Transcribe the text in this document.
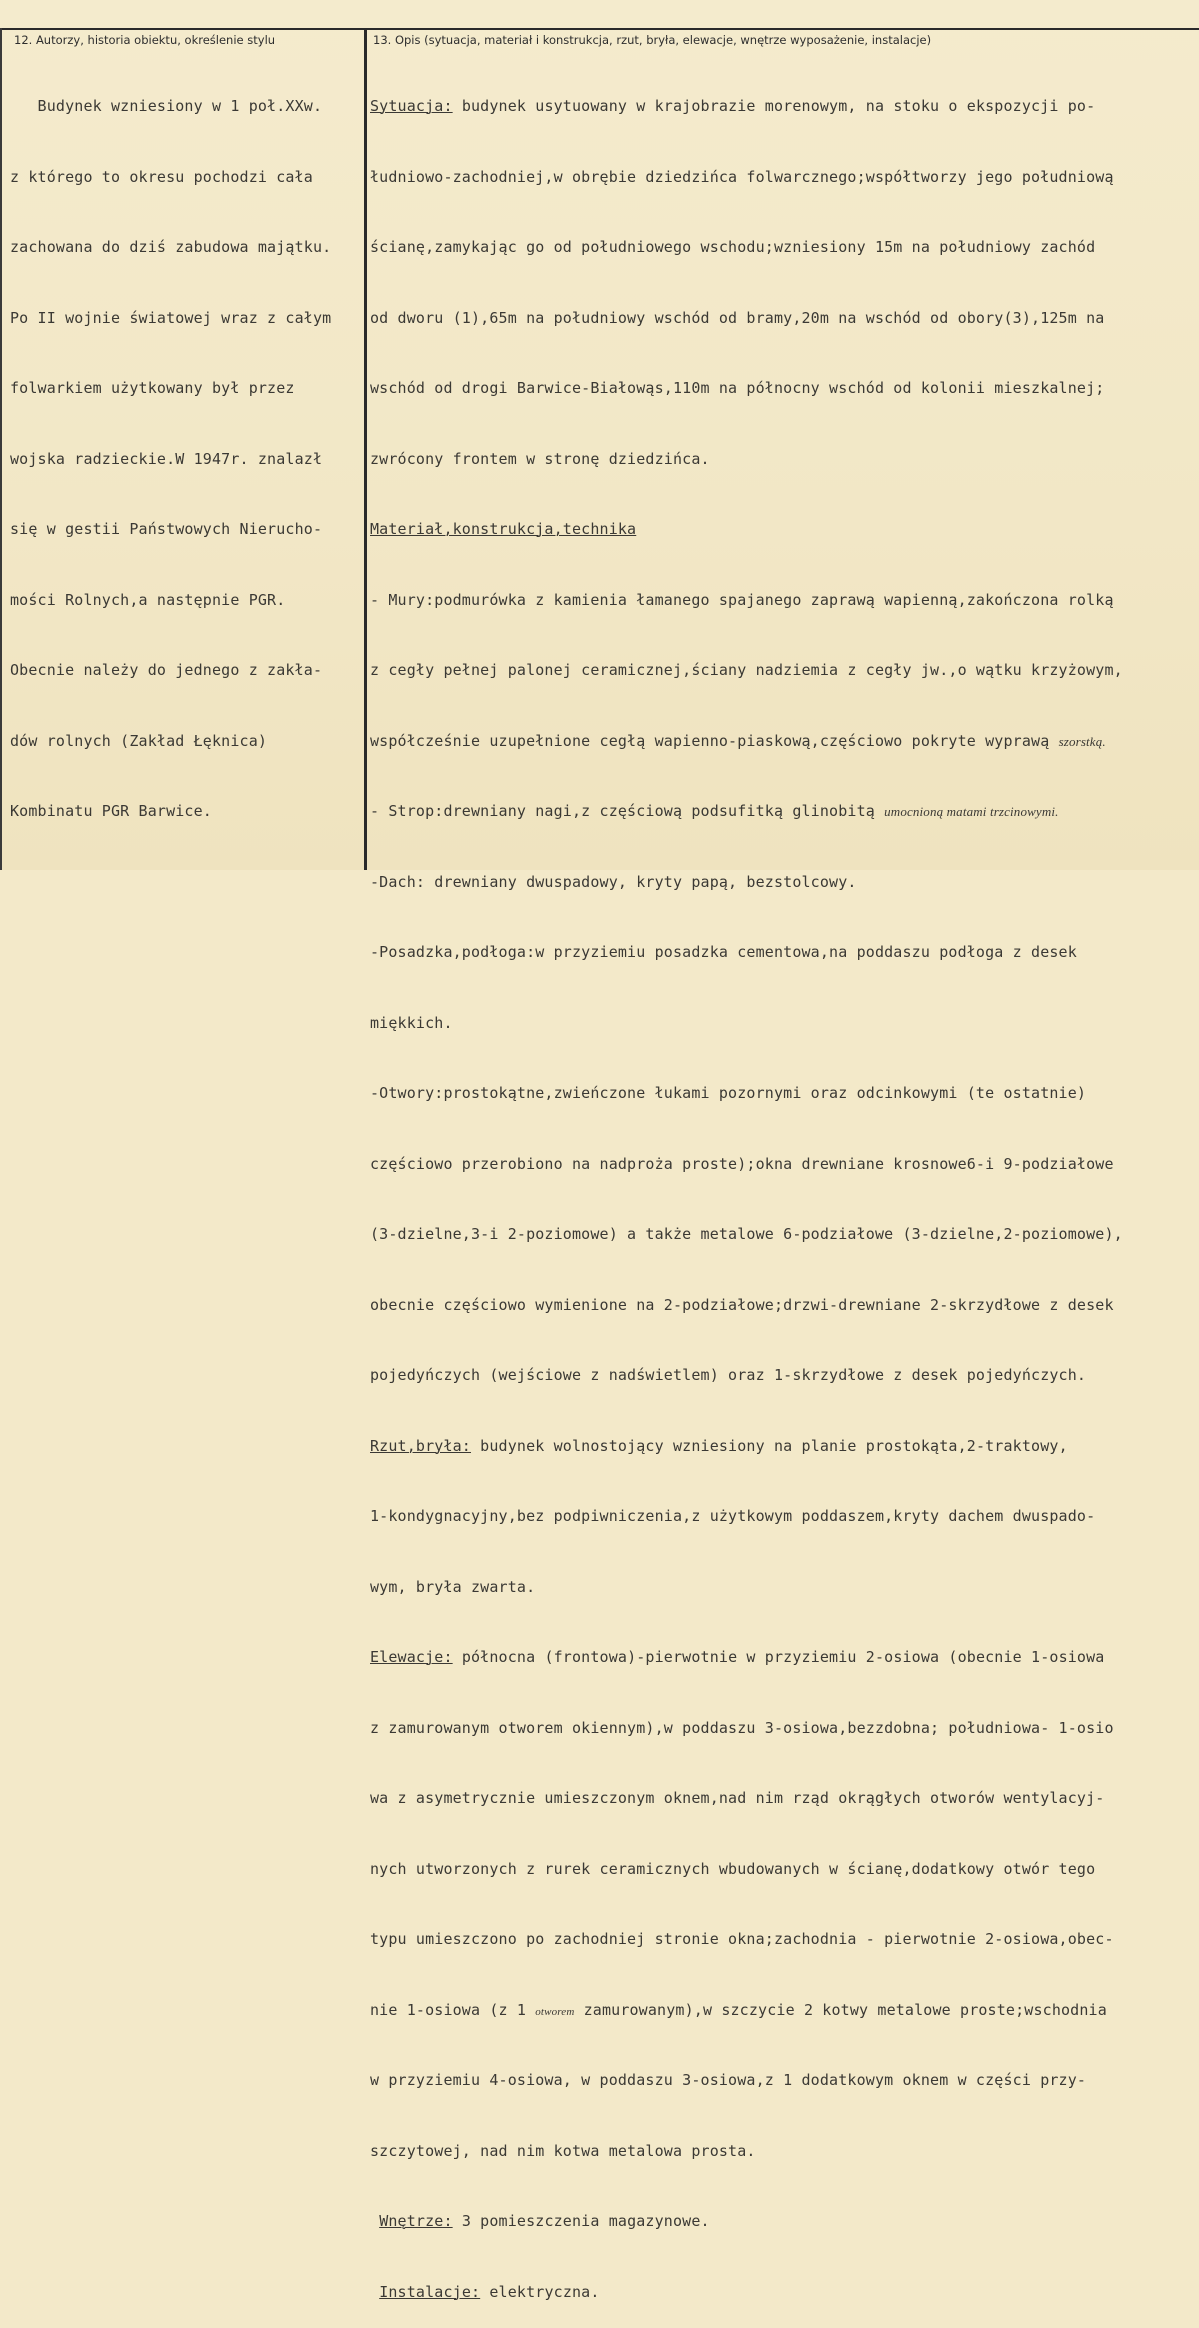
12. Autorzy, historia obiektu, określenie stylu	13. Opis (sytuacja, materiał i konstrukcja, rzut, bryła, elewacje, wnętrze wyposażenie, instalacje)

Budynek wzniesiony w 1 poł.XXw.

z którego to okresu pochodzi cała

zachowana do dziś zabudowa majątku.

Po II wojnie światowej wraz z całym

folwarkiem użytkowany był przez

wojska radzieckie.W 1947r. znalazł

się w gestii Państwowych Nierucho-

mości Rolnych,a następnie PGR.

Obecnie należy do jednego z zakła-

dów rolnych (Zakład Łęknica)

Kombinatu PGR Barwice.

Sytuacja: budynek usytuowany w krajobrazie morenowym, na stoku o ekspozycji po-

łudniowo-zachodniej,w obrębie dziedzińca folwarcznego;współtworzy jego południową

ścianę,zamykając go od południowego wschodu;wzniesiony 15m na południowy zachód

od dworu (1),65m na południowy wschód od bramy,20m na wschód od obory(3),125m na

wschód od drogi Barwice-Białowąs,110m na północny wschód od kolonii mieszkalnej;

zwrócony frontem w stronę dziedzińca.

Materiał,konstrukcja,technika

- Mury:podmurówka z kamienia łamanego spajanego zaprawą wapienną,zakończona rolką

z cegły pełnej palonej ceramicznej,ściany nadziemia z cegły jw.,o wątku krzyżowym,

współcześnie uzupełnione cegłą wapienno-piaskową,częściowo pokryte wyprawą szorstką.

- Strop:drewniany nagi,z częściową podsufitką glinobitą umocnioną matami trzcinowymi.

-Dach: drewniany dwuspadowy, kryty papą, bezstolcowy.

-Posadzka,podłoga:w przyziemiu posadzka cementowa,na poddaszu podłoga z desek

miękkich.

-Otwory:prostokątne,zwieńczone łukami pozornymi oraz odcinkowymi (te ostatnie)

częściowo przerobiono na nadproża proste);okna drewniane krosnowe6-i 9-podziałowe

(3-dzielne,3-i 2-poziomowe) a także metalowe 6-podziałowe (3-dzielne,2-poziomowe),

obecnie częściowo wymienione na 2-podziałowe;drzwi-drewniane 2-skrzydłowe z desek

pojedyńczych (wejściowe z nadświetlem) oraz 1-skrzydłowe z desek pojedyńczych.

Rzut,bryła: budynek wolnostojący wzniesiony na planie prostokąta,2-traktowy,

1-kondygnacyjny,bez podpiwniczenia,z użytkowym poddaszem,kryty dachem dwuspado-

wym, bryła zwarta.

Elewacje: północna (frontowa)-pierwotnie w przyziemiu 2-osiowa (obecnie 1-osiowa

z zamurowanym otworem okiennym),w poddaszu 3-osiowa,bezzdobna; południowa- 1-osio

wa z asymetrycznie umieszczonym oknem,nad nim rząd okrągłych otworów wentylacyj-

nych utworzonych z rurek ceramicznych wbudowanych w ścianę,dodatkowy otwór tego

typu umieszczono po zachodniej stronie okna;zachodnia - pierwotnie 2-osiowa,obec-

nie 1-osiowa (z 1 otworem zamurowanym),w szczycie 2 kotwy metalowe proste;wschodnia

w przyziemiu 4-osiowa, w poddaszu 3-osiowa,z 1 dodatkowym oknem w części przy-

szczytowej, nad nim kotwa metalowa prosta.

Wnętrze: 3 pomieszczenia magazynowe.

Instalacje: elektryczna.
